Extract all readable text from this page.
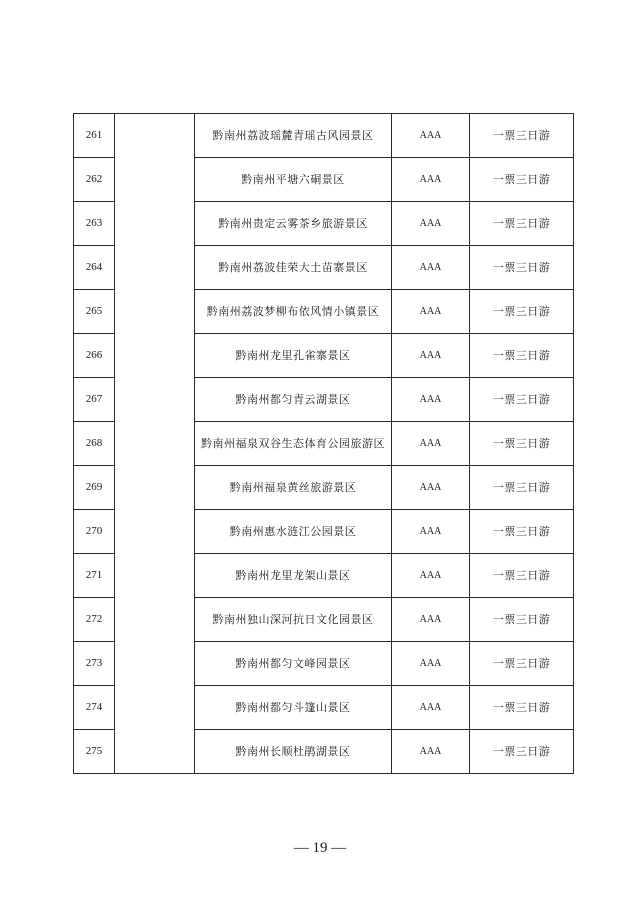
261		黔南州荔波瑶麓青瑶古风园景区	AAA	一票三日游
262		黔南州平塘六硐景区	AAA	一票三日游
263		黔南州贵定云雾茶乡旅游景区	AAA	一票三日游
264		黔南州荔波佳荣大土苗寨景区	AAA	一票三日游
265		黔南州荔波梦柳布依风情小镇景区	AAA	一票三日游
266		黔南州龙里孔雀寨景区	AAA	一票三日游
267		黔南州都匀青云湖景区	AAA	一票三日游
268		黔南州福泉双谷生态体育公园旅游区	AAA	一票三日游
269		黔南州福泉黄丝旅游景区	AAA	一票三日游
270		黔南州惠水涟江公园景区	AAA	一票三日游
271		黔南州龙里龙架山景区	AAA	一票三日游
272		黔南州独山深河抗日文化园景区	AAA	一票三日游
273		黔南州都匀文峰园景区	AAA	一票三日游
274		黔南州都匀斗篷山景区	AAA	一票三日游
275		黔南州长顺杜鹃湖景区	AAA	一票三日游
— 19 —
